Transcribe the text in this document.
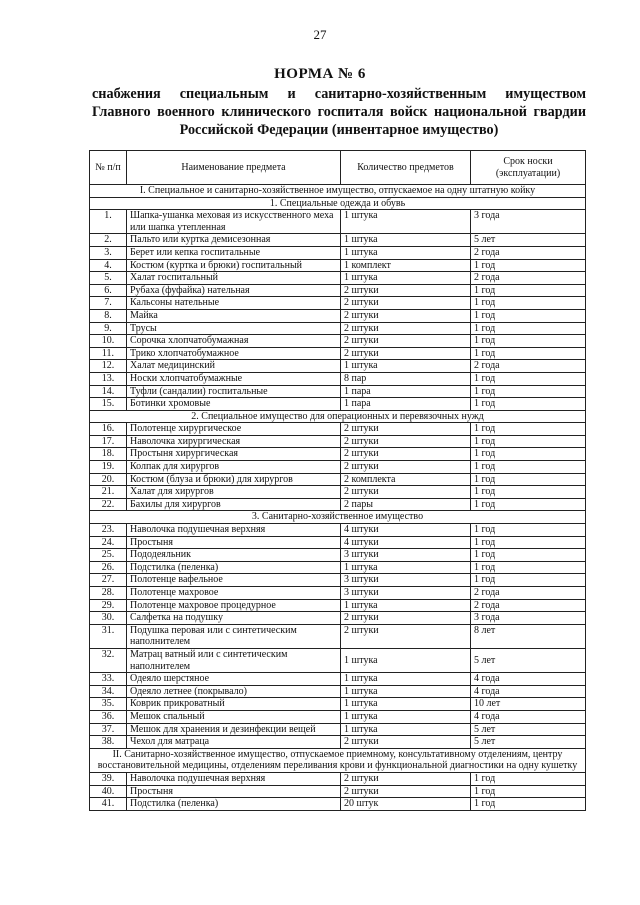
27
НОРМА № 6
снабжения специальным и санитарно-хозяйственным имуществом Главного военного клинического госпиталя войск национальной гвардии Российской Федерации (инвентарное имущество)
№ п/п	Наименование предмета	Количество предметов	Срок носки (эксплуатации)
I. Специальное и санитарно-хозяйственное имущество, отпускаемое на одну штатную койку			
1. Специальные одежда и обувь			
1.	Шапка-ушанка меховая из искусственного меха или шапка утепленная	1 штука	3 года
2.	Пальто или куртка демисезонная	1 штука	5 лет
3.	Берет или кепка госпитальные	1 штука	2 года
4.	Костюм (куртка и брюки) госпитальный	1 комплект	1 год
5.	Халат госпитальный	1 штука	2 года
6.	Рубаха (фуфайка) нательная	2 штуки	1 год
7.	Кальсоны нательные	2 штуки	1 год
8.	Майка	2 штуки	1 год
9.	Трусы	2 штуки	1 год
10.	Сорочка хлопчатобумажная	2 штуки	1 год
11.	Трико хлопчатобумажное	2 штуки	1 год
12.	Халат медицинский	1 штука	2 года
13.	Носки хлопчатобумажные	8 пар	1 год
14.	Туфли (сандалии) госпитальные	1 пара	1 год
15.	Ботинки хромовые	1 пара	1 год
2. Специальное имущество для операционных и перевязочных нужд			
16.	Полотенце хирургическое	2 штуки	1 год
17.	Наволочка хирургическая	2 штуки	1 год
18.	Простыня хирургическая	2 штуки	1 год
19.	Колпак для хирургов	2 штуки	1 год
20.	Костюм (блуза и брюки) для хирургов	2 комплекта	1 год
21.	Халат для хирургов	2 штуки	1 год
22.	Бахилы для хирургов	2 пары	1 год
3. Санитарно-хозяйственное имущество			
23.	Наволочка подушечная верхняя	4 штуки	1 год
24.	Простыня	4 штуки	1 год
25.	Пододеяльник	3 штуки	1 год
26.	Подстилка (пеленка)	1 штука	1 год
27.	Полотенце вафельное	3 штуки	1 год
28.	Полотенце махровое	3 штуки	2 года
29.	Полотенце махровое процедурное	1 штука	2 года
30.	Салфетка на подушку	2 штуки	3 года
31.	Подушка перовая или с синтетическим наполнителем	2 штуки	8 лет
32.	Матрац ватный или с синтетическим наполнителем	1 штука	5 лет
33.	Одеяло шерстяное	1 штука	4 года
34.	Одеяло летнее (покрывало)	1 штука	4 года
35.	Коврик прикроватный	1 штука	10 лет
36.	Мешок спальный	1 штука	4 года
37.	Мешок для хранения и дезинфекции вещей	1 штука	5 лет
38.	Чехол для матраца	2 штуки	5 лет
II. Санитарно-хозяйственное имущество, отпускаемое приемному, консультативному отделениям, центру восстановительной медицины, отделениям переливания крови и функциональной диагностики на одну кушетку			
39.	Наволочка подушечная верхняя	2 штуки	1 год
40.	Простыня	2 штуки	1 год
41.	Подстилка (пеленка)	20 штук	1 год
